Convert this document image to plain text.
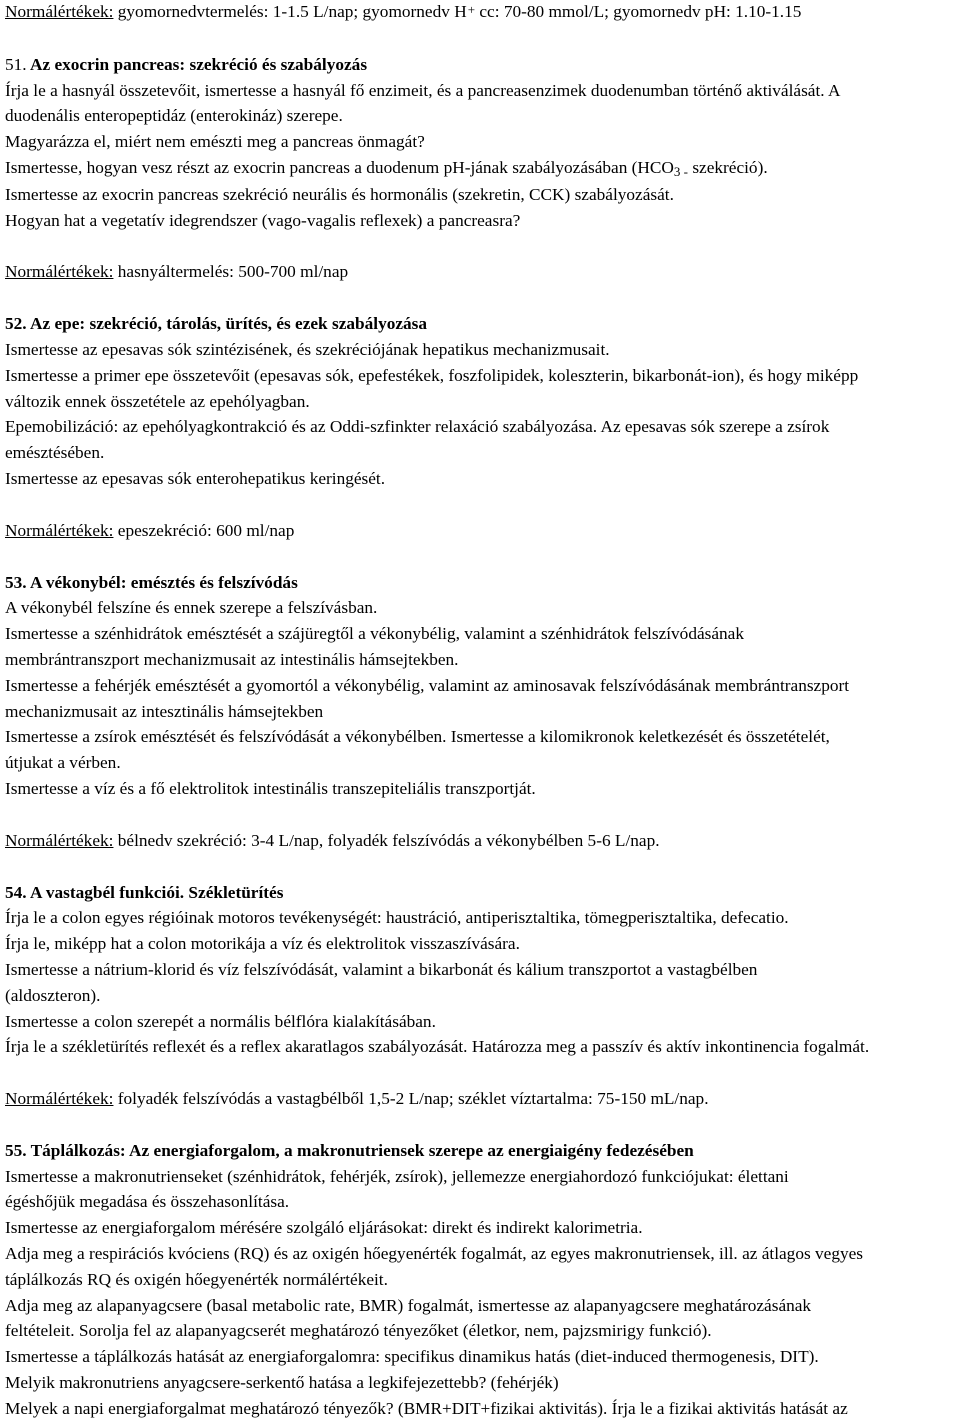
Normálértékek: gyomornedvtermelés: 1-1.5 L/nap; gyomornedv H+ cc: 70-80 mmol/L; gyomornedv pH: 1.10-1.15
51. Az exocrin pancreas: szekréció és szabályozás
Írja le a hasnyál összetevőit, ismertesse a hasnyál fő enzimeit, és a pancreasenzimek duodenumban történő aktiválását. A
duodenális enteropeptidáz (enterokináz) szerepe.
Magyarázza el, miért nem emészti meg a pancreas önmagát?
Ismertesse, hogyan vesz részt az exocrin pancreas a duodenum pH-jának szabályozásában ($HCO_{3 -}$ szekréció).
Ismertesse az exocrin pancreas szekréció neurális és hormonális (szekretin, CCK) szabályozását.
Hogyan hat a vegetatív idegrendszer (vago-vagalis reflexek) a pancreasra?
Normálértékek: hasnyáltermelés: 500-700 ml/nap
52. Az epe: szekréció, tárolás, ürítés, és ezek szabályozása
Ismertesse az epesavas sók szintézisének, és szekréciójának hepatikus mechanizmusait.
Ismertesse a primer epe összetevőit (epesavas sók, epefestékek, foszfolipidek, koleszterin, bikarbonát-ion), és hogy miképp
változik ennek összetétele az epehólyagban.
Epemobilizáció: az epehólyagkontrakció és az Oddi-szfinkter relaxáció szabályozása. Az epesavas sók szerepe a zsírok
emésztésében.
Ismertesse az epesavas sók enterohepatikus keringését.
Normálértékek: epeszekréció: 600 ml/nap
53. A vékonybél: emésztés és felszívódás
A vékonybél felszíne és ennek szerepe a felszívásban.
Ismertesse a szénhidrátok emésztését a szájüregtől a vékonybélig, valamint a szénhidrátok felszívódásának
membrántranszport mechanizmusait az intestinális hámsejtekben.
Ismertesse a fehérjék emésztését a gyomortól a vékonybélig, valamint az aminosavak felszívódásának membrántranszport
mechanizmusait az intesztinális hámsejtekben
Ismertesse a zsírok emésztését és felszívódását a vékonybélben. Ismertesse a kilomikronok keletkezését és összetételét,
útjukat a vérben.
Ismertesse a víz és a fő elektrolitok intestinális transzepiteliális transzportját.
Normálértékek: bélnedv szekréció: 3-4 L/nap, folyadék felszívódás a vékonybélben 5-6 L/nap.
54. A vastagbél funkciói. Székletürítés
Írja le a colon egyes régióinak motoros tevékenységét: haustráció, antiperisztaltika, tömegperisztaltika, defecatio.
Írja le, miképp hat a colon motorikája a víz és elektrolitok visszaszívására.
Ismertesse a nátrium-klorid és víz felszívódását, valamint a bikarbonát és kálium transzportot a vastagbélben
(aldoszteron).
Ismertesse a colon szerepét a normális bélflóra kialakításában.
Írja le a székletürítés reflexét és a reflex akaratlagos szabályozását. Határozza meg a passzív és aktív inkontinencia fogalmát.
Normálértékek: folyadék felszívódás a vastagbélből 1,5-2 L/nap; széklet víztartalma: 75-150 mL/nap.
55. Táplálkozás: Az energiaforgalom, a makronutriensek szerepe az energiaigény fedezésében
Ismertesse a makronutrienseket (szénhidrátok, fehérjék, zsírok), jellemezze energiahordozó funkciójukat: élettani
égéshőjük megadása és összehasonlítása.
Ismertesse az energiaforgalom mérésére szolgáló eljárásokat: direkt és indirekt kalorimetria.
Adja meg a respirációs kvóciens (RQ) és az oxigén hőegyenérték fogalmát, az egyes makronutriensek, ill. az átlagos vegyes
táplálkozás RQ és oxigén hőegyenérték normálértékeit.
Adja meg az alapanyagcsere (basal metabolic rate, BMR) fogalmát, ismertesse az alapanyagcsere meghatározásának
feltételeit. Sorolja fel az alapanyagcserét meghatározó tényezőket (életkor, nem, pajzsmirigy funkció).
Ismertesse a táplálkozás hatását az energiaforgalomra: specifikus dinamikus hatás (diet-induced thermogenesis, DIT).
Melyik makronutriens anyagcsere-serkentő hatása a legkifejezettebb? (fehérjék)
Melyek a napi energiaforgalmat meghatározó tényezők? (BMR+DIT+fizikai aktivitás). Írja le a fizikai aktivitás hatását az
